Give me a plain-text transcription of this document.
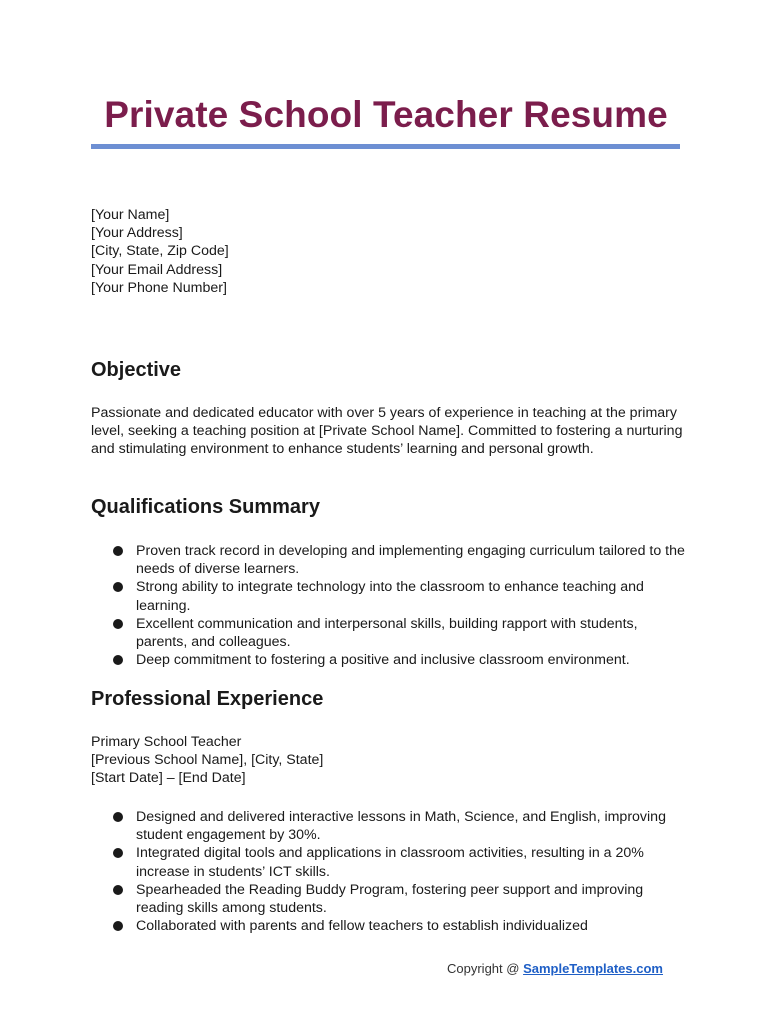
Private School Teacher Resume
[Your Name]
[Your Address]
[City, State, Zip Code]
[Your Email Address]
[Your Phone Number]
Objective

Passionate and dedicated educator with over 5 years of experience in teaching at the primary level, seeking a teaching position at [Private School Name]. Committed to fostering a nurturing and stimulating environment to enhance students’ learning and personal growth.

Qualifications Summary
Proven track record in developing and implementing engaging curriculum tailored to the needs of diverse learners.
Strong ability to integrate technology into the classroom to enhance teaching and learning.
Excellent communication and interpersonal skills, building rapport with students, parents, and colleagues.
Deep commitment to fostering a positive and inclusive classroom environment.
Professional Experience
Primary School Teacher
[Previous School Name], [City, State]
[Start Date] – [End Date]
Designed and delivered interactive lessons in Math, Science, and English, improving student engagement by 30%.
Integrated digital tools and applications in classroom activities, resulting in a 20% increase in students’ ICT skills.
Spearheaded the Reading Buddy Program, fostering peer support and improving reading skills among students.
Collaborated with parents and fellow teachers to establish individualized
Copyright @ SampleTemplates.com
